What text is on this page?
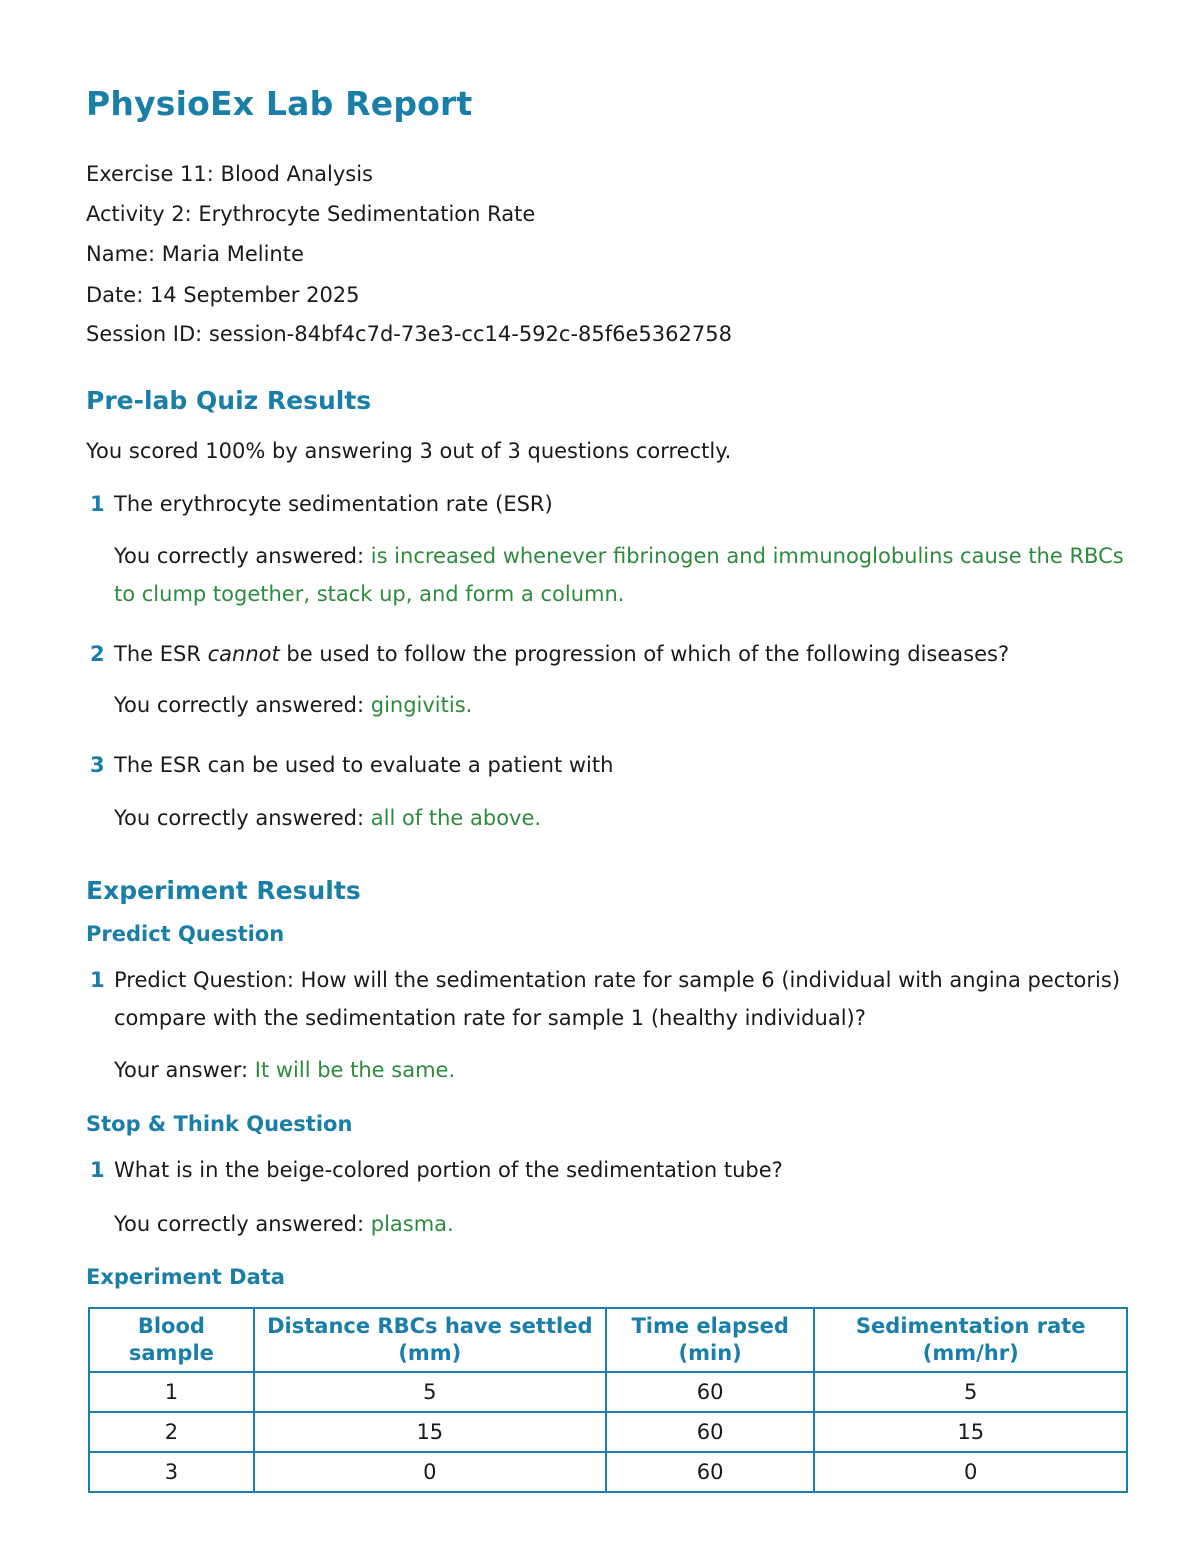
PhysioEx Lab Report

Exercise 11: Blood Analysis

Activity 2: Erythrocyte Sedimentation Rate

Name: Maria Melinte

Date: 14 September 2025

Session ID: session-84bf4c7d-73e3-cc14-592c-85f6e5362758

Pre-lab Quiz Results

You scored 100% by answering 3 out of 3 questions correctly.

1 The erythrocyte sedimentation rate (ESR)
You correctly answered: is increased whenever fibrinogen and immunoglobulins cause the RBCs to clump together, stack up, and form a column.
2 The ESR cannot be used to follow the progression of which of the following diseases?
You correctly answered: gingivitis.
3 The ESR can be used to evaluate a patient with
You correctly answered: all of the above.
Experiment Results
Predict Question
1 Predict Question: How will the sedimentation rate for sample 6 (individual with angina pectoris) compare with the sedimentation rate for sample 1 (healthy individual)?
Your answer: It will be the same.
Stop & Think Question
1 What is in the beige-colored portion of the sedimentation tube?
You correctly answered: plasma.
Experiment Data
Blood sample	Distance RBCs have settled (mm)	Time elapsed (min)	Sedimentation rate (mm/hr)
1	5	60	5
2	15	60	15
3	0	60	0
